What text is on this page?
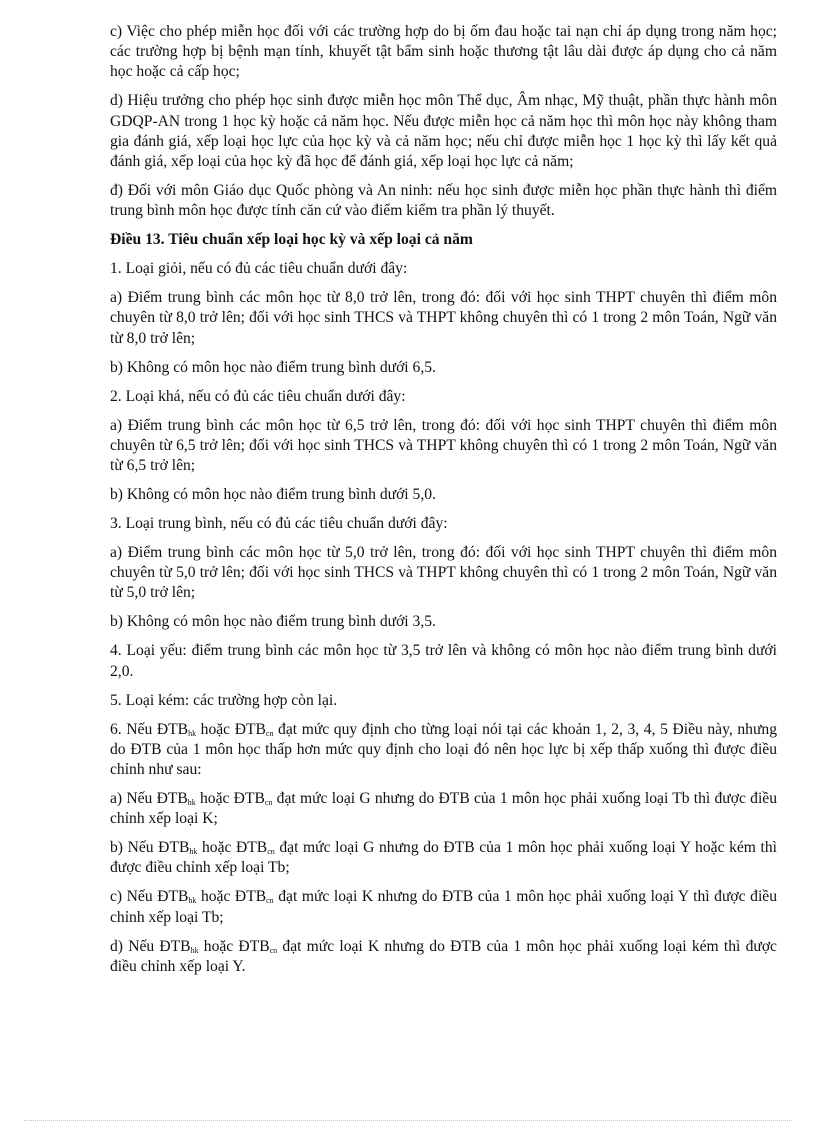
c) Việc cho phép miễn học đối với các trường hợp do bị ốm đau hoặc tai nạn chỉ áp dụng trong năm học; các trường hợp bị bệnh mạn tính, khuyết tật bẩm sinh hoặc thương tật lâu dài được áp dụng cho cả năm học hoặc cả cấp học;

d) Hiệu trưởng cho phép học sinh được miễn học môn Thể dục, Âm nhạc, Mỹ thuật, phần thực hành môn GDQP-AN trong 1 học kỳ hoặc cả năm học. Nếu được miễn học cả năm học thì môn học này không tham gia đánh giá, xếp loại học lực của học kỳ và cả năm học; nếu chỉ được miễn học 1 học kỳ thì lấy kết quả đánh giá, xếp loại của học kỳ đã học để đánh giá, xếp loại học lực cả năm;

đ) Đối với môn Giáo dục Quốc phòng và An ninh: nếu học sinh được miễn học phần thực hành thì điểm trung bình môn học được tính căn cứ vào điểm kiểm tra phần lý thuyết.

Điều 13. Tiêu chuẩn xếp loại học kỳ và xếp loại cả năm

1. Loại giỏi, nếu có đủ các tiêu chuẩn dưới đây:

a) Điểm trung bình các môn học từ 8,0 trở lên, trong đó: đối với học sinh THPT chuyên thì điểm môn chuyên từ 8,0 trở lên; đối với học sinh THCS và THPT không chuyên thì có 1 trong 2 môn Toán, Ngữ văn từ 8,0 trở lên;

b) Không có môn học nào điểm trung bình dưới 6,5.

2. Loại khá, nếu có đủ các tiêu chuẩn dưới đây:

a) Điểm trung bình các môn học từ 6,5 trở lên, trong đó: đối với học sinh THPT chuyên thì điểm môn chuyên từ 6,5 trở lên; đối với học sinh THCS và THPT không chuyên thì có 1 trong 2 môn Toán, Ngữ văn từ 6,5 trở lên;

b) Không có môn học nào điểm trung bình dưới 5,0.

3. Loại trung bình, nếu có đủ các tiêu chuẩn dưới đây:

a) Điểm trung bình các môn học từ 5,0 trở lên, trong đó: đối với học sinh THPT chuyên thì điểm môn chuyên từ 5,0 trở lên; đối với học sinh THCS và THPT không chuyên thì có 1 trong 2 môn Toán, Ngữ văn từ 5,0 trở lên;

b) Không có môn học nào điểm trung bình dưới 3,5.

4. Loại yếu: điểm trung bình các môn học từ 3,5 trở lên và không có môn học nào điểm trung bình dưới 2,0.

5. Loại kém: các trường hợp còn lại.

6. Nếu $ĐTB_{hk}$ hoặc $ĐTB_{cn}$ đạt mức quy định cho từng loại nói tại các khoản 1, 2, 3, 4, 5 Điều này, nhưng do ĐTB của 1 môn học thấp hơn mức quy định cho loại đó nên học lực bị xếp thấp xuống thì được điều chỉnh như sau:

a) Nếu $ĐTB_{hk}$ hoặc $ĐTB_{cn}$ đạt mức loại G nhưng do ĐTB của 1 môn học phải xuống loại Tb thì được điều chỉnh xếp loại K;

b) Nếu $ĐTB_{hk}$ hoặc $ĐTB_{cn}$ đạt mức loại G nhưng do ĐTB của 1 môn học phải xuống loại Y hoặc kém thì được điều chỉnh xếp loại Tb;

c) Nếu $ĐTB_{hk}$ hoặc $ĐTB_{cn}$ đạt mức loại K nhưng do ĐTB của 1 môn học phải xuống loại Y thì được điều chỉnh xếp loại Tb;

d) Nếu $ĐTB_{hk}$ hoặc $ĐTB_{cn}$ đạt mức loại K nhưng do ĐTB của 1 môn học phải xuống loại kém thì được điều chỉnh xếp loại Y.
